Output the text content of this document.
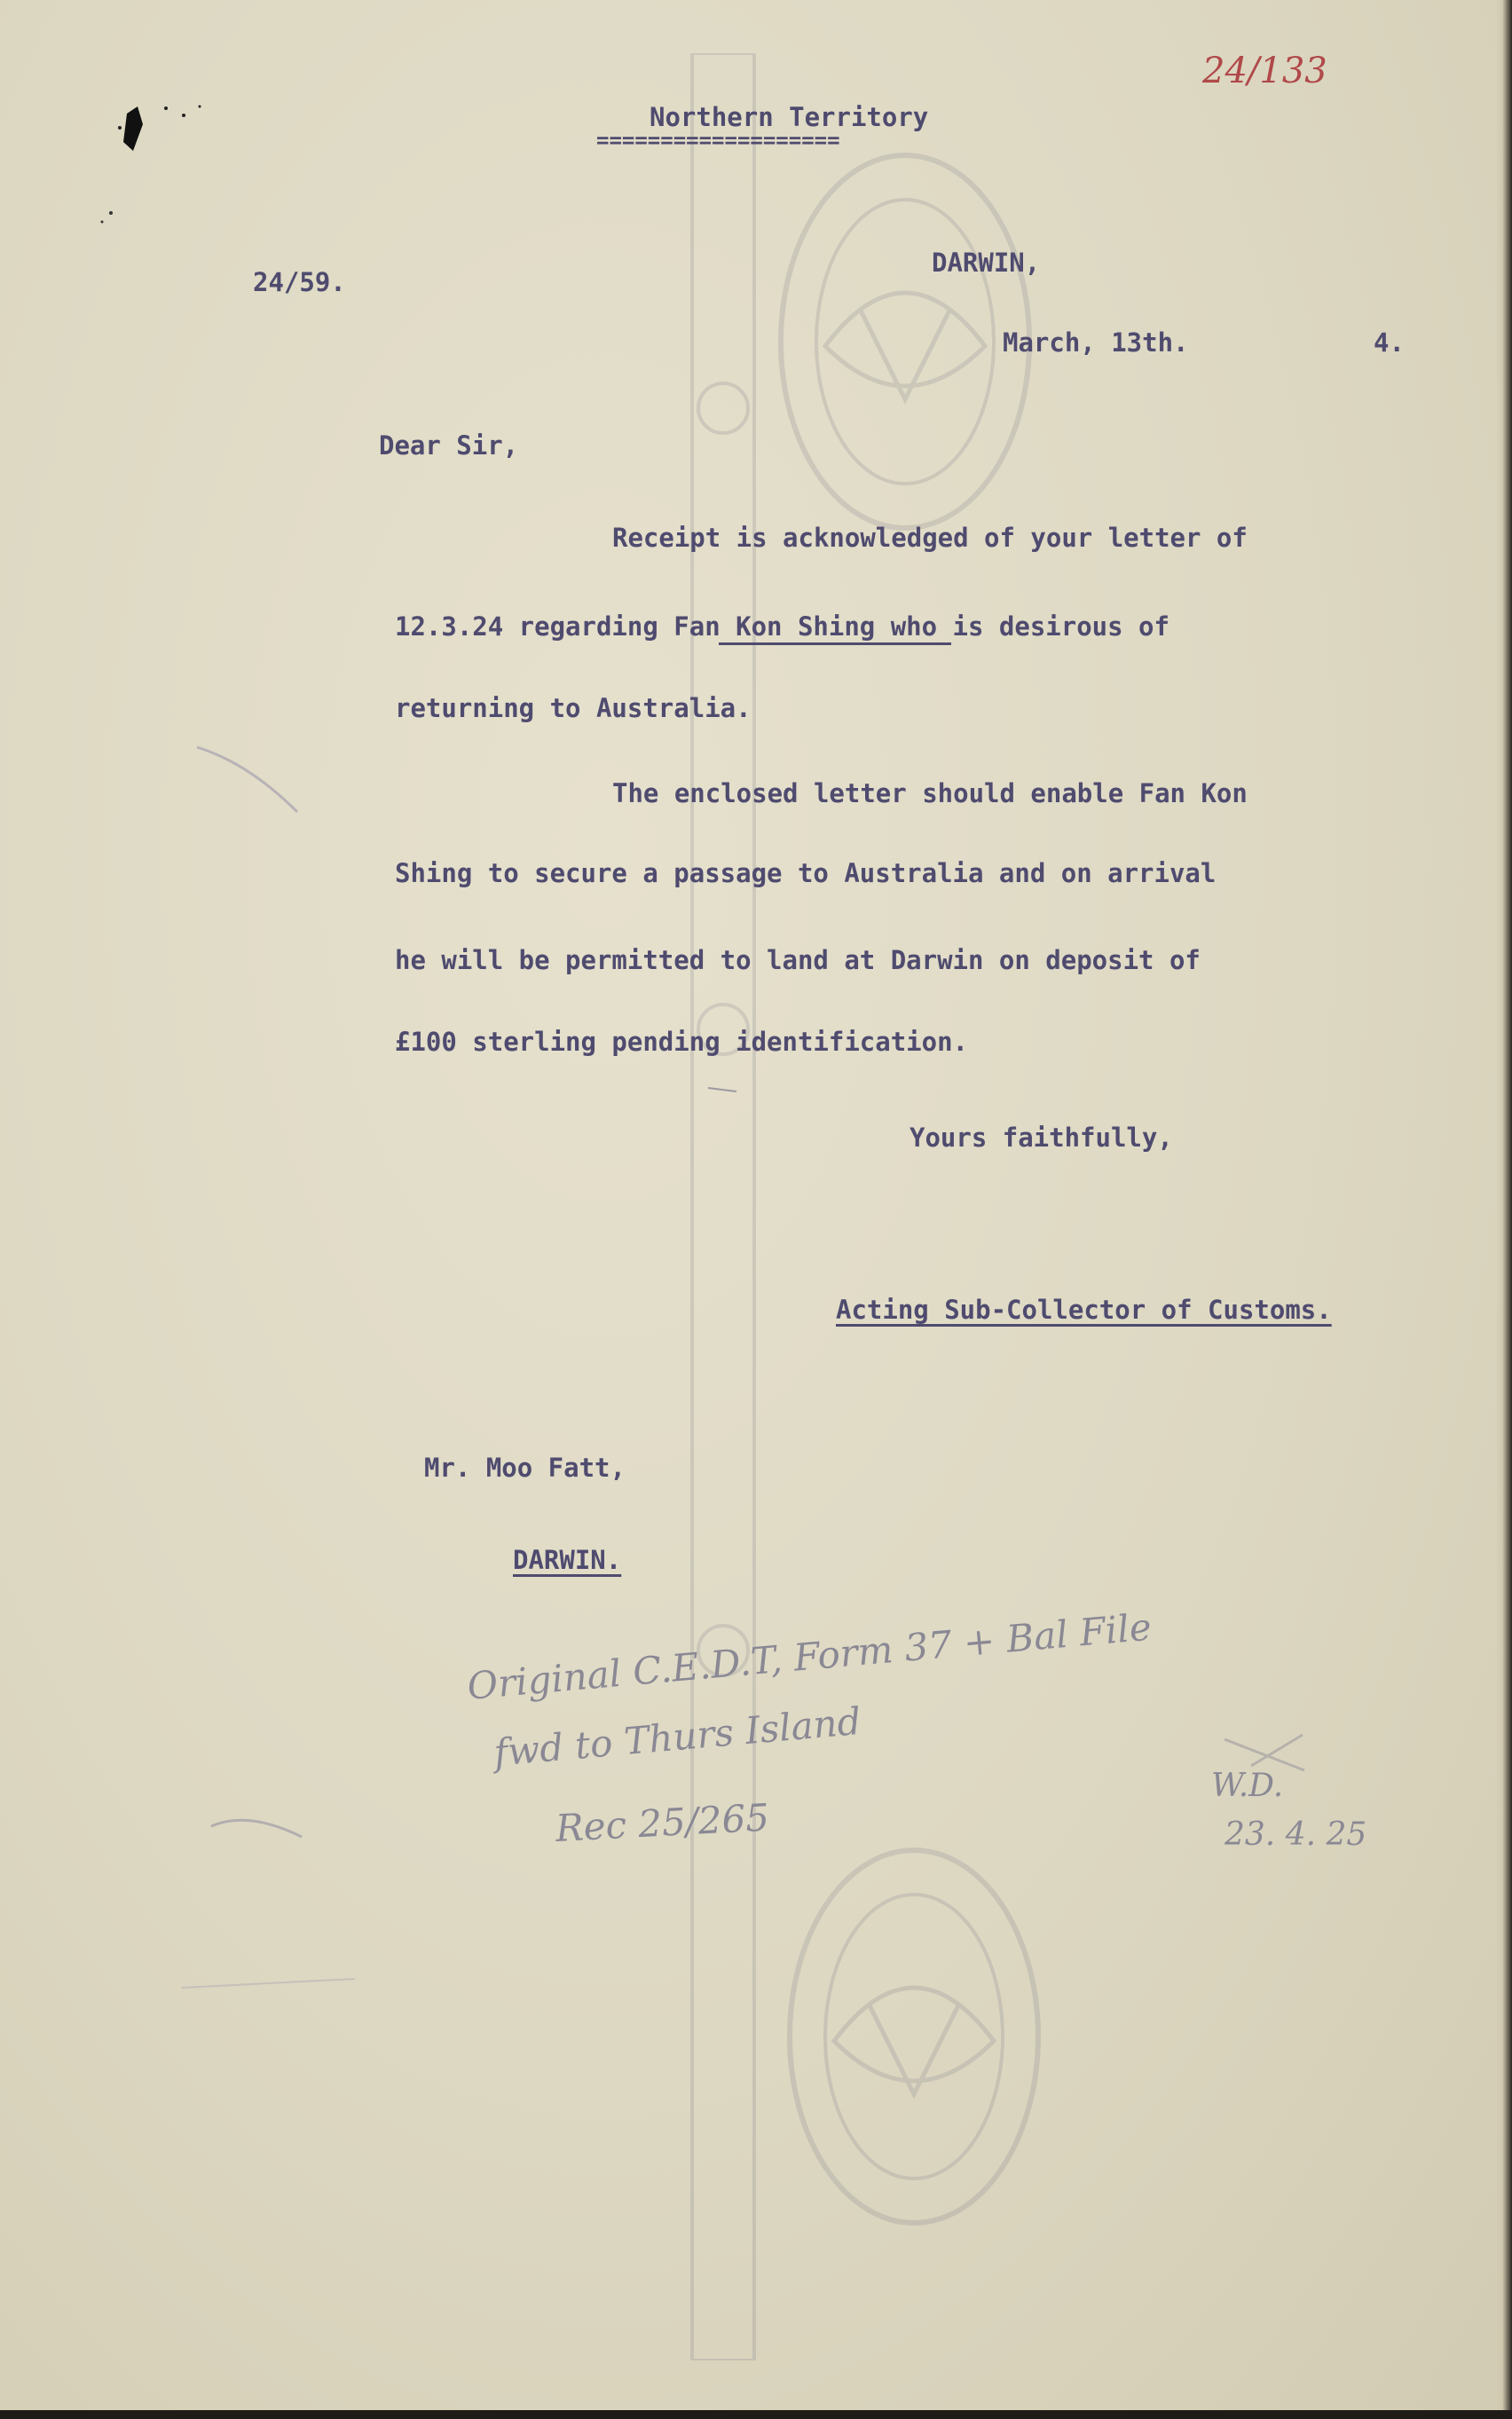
24/133

Northern Territory

===================

24/59.

DARWIN,

March, 13th.	4.

Dear Sir,

Receipt is acknowledged of your letter of

12.3.24 regarding Fan Kon Shing who is desirous of

returning to Australia.

The enclosed letter should enable Fan Kon

Shing to secure a passage to Australia and on arrival

he will be permitted to land at Darwin on deposit of

£100 sterling pending identification.

Yours faithfully,

Acting Sub-Collector of Customs.

Mr. Moo Fatt,

DARWIN.

Original C.E.D.T, Form 37 + Bal File

fwd to Thurs Island

Rec 25/265

W.D.

23. 4. 25
